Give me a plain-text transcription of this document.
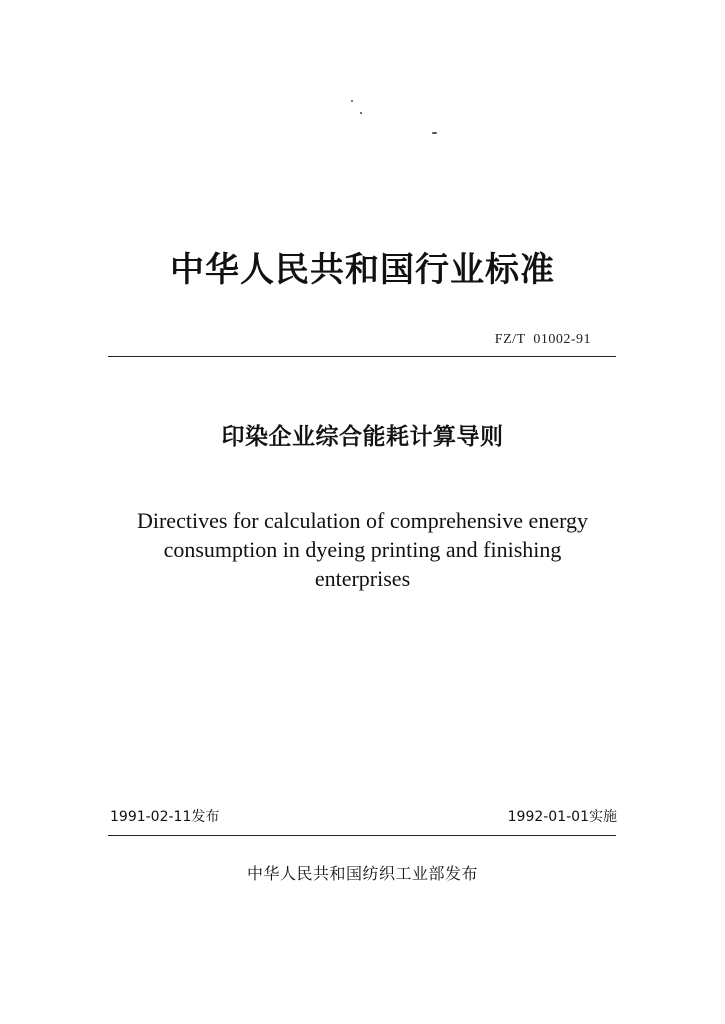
中华人民共和国行业标准
FZ/T  01002-91
印染企业综合能耗计算导则
Directives for calculation of comprehensive energy
consumption in dyeing printing and finishing
enterprises
1991-02-11发布	1992-01-01实施
中华人民共和国纺织工业部发布
